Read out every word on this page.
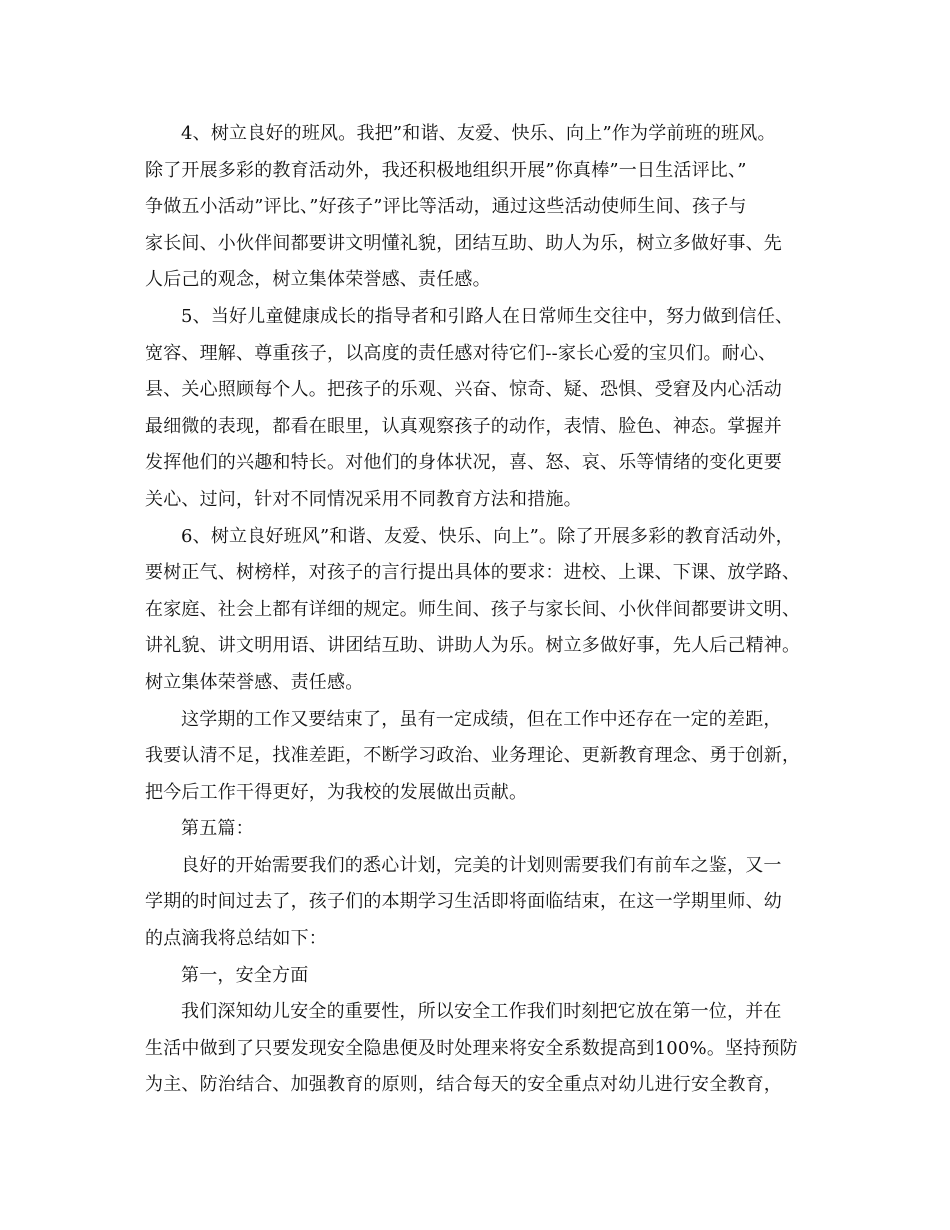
4、树立良好的班风。我把”和谐、友爱、快乐、向上”作为学前班的班风。
除了开展多彩的教育活动外，我还积极地组织开展”你真棒”一日生活评比、”
争做五小活动”评比、”好孩子”评比等活动，通过这些活动使师生间、孩子与
家长间、小伙伴间都要讲文明懂礼貌，团结互助、助人为乐，树立多做好事、先
人后己的观念，树立集体荣誉感、责任感。
5、当好儿童健康成长的指导者和引路人在日常师生交往中，努力做到信任、
宽容、理解、尊重孩子，以高度的责任感对待它们--家长心爱的宝贝们。耐心、
县、关心照顾每个人。把孩子的乐观、兴奋、惊奇、疑、恐惧、受窘及内心活动
最细微的表现，都看在眼里，认真观察孩子的动作，表情、脸色、神态。掌握并
发挥他们的兴趣和特长。对他们的身体状况，喜、怒、哀、乐等情绪的变化更要
关心、过问，针对不同情况采用不同教育方法和措施。
6、树立良好班风”和谐、友爱、快乐、向上”。除了开展多彩的教育活动外，
要树正气、树榜样，对孩子的言行提出具体的要求：进校、上课、下课、放学路、
在家庭、社会上都有详细的规定。师生间、孩子与家长间、小伙伴间都要讲文明、
讲礼貌、讲文明用语、讲团结互助、讲助人为乐。树立多做好事，先人后己精神。
树立集体荣誉感、责任感。
这学期的工作又要结束了，虽有一定成绩，但在工作中还存在一定的差距，
我要认清不足，找准差距，不断学习政治、业务理论、更新教育理念、勇于创新，
把今后工作干得更好，为我校的发展做出贡献。
第五篇：
良好的开始需要我们的悉心计划，完美的计划则需要我们有前车之鉴，又一
学期的时间过去了，孩子们的本期学习生活即将面临结束，在这一学期里师、幼
的点滴我将总结如下：
第一，安全方面
我们深知幼儿安全的重要性，所以安全工作我们时刻把它放在第一位，并在
生活中做到了只要发现安全隐患便及时处理来将安全系数提高到100%。坚持预防
为主、防治结合、加强教育的原则，结合每天的安全重点对幼儿进行安全教育，
